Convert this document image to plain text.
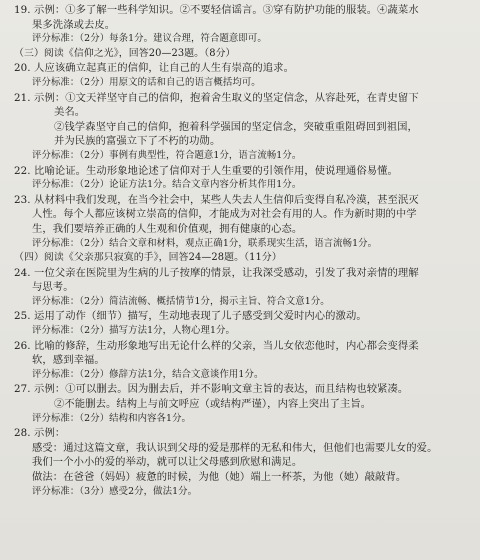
19. 示例：①多了解一些科学知识。②不要轻信谣言。③穿有防护功能的服装。④蔬菜水
果多洗涤或去皮。
评分标准：（2分）每条1分。建议合理，符合题意即可。
（三）阅读《信仰之光》，回答20—23题。（8分）
20. 人应该确立起真正的信仰，让自己的人生有崇高的追求。
评分标准：（2分）用原文的话和自己的语言概括均可。
21. 示例：①文天祥坚守自己的信仰，抱着舍生取义的坚定信念，从容赴死，在青史留下
美名。
②钱学森坚守自己的信仰，抱着科学强国的坚定信念，突破重重阻碍回到祖国，
并为民族的富强立下了不朽的功勋。
评分标准：（2分）事例有典型性，符合题意1分，语言流畅1分。
22. 比喻论证。生动形象地论述了信仰对于人生重要的引领作用，使说理通俗易懂。
评分标准：（2分）论证方法1分。结合文章内容分析其作用1分。
23. 从材料中我们发现，在当今社会中，某些人失去人生信仰后变得自私冷漠，甚至泯灭
人性。每个人都应该树立崇高的信仰，才能成为对社会有用的人。作为新时期的中学
生，我们要培养正确的人生观和价值观，拥有健康的心态。
评分标准：（2分）结合文章和材料，观点正确1分，联系现实生活，语言流畅1分。
（四）阅读《父亲那只寂寞的手》，回答24—28题。（11分）
24. 一位父亲在医院里为生病的儿子按摩的情景，让我深受感动，引发了我对亲情的理解
与思考。
评分标准：（2分）简洁流畅、概括情节1分，揭示主旨、符合文意1分。
25. 运用了动作（细节）描写，生动地表现了儿子感受到父爱时内心的激动。
评分标准：（2分）描写方法1分，人物心理1分。
26. 比喻的修辞，生动形象地写出无论什么样的父亲，当儿女依恋他时，内心都会变得柔
软，感到幸福。
评分标准：（2分）修辞方法1分，结合文意谈作用1分。
27. 示例：①可以删去。因为删去后，并不影响文章主旨的表达，而且结构也较紧凑。
②不能删去。结构上与前文呼应（或结构严谨），内容上突出了主旨。
评分标准：（2分）结构和内容各1分。
28. 示例：
感受：通过这篇文章，我认识到父母的爱是那样的无私和伟大，但他们也需要儿女的爱。
我们一个小小的爱的举动，就可以让父母感到欣慰和满足。
做法：在爸爸（妈妈）疲惫的时候，为他（她）端上一杯茶，为他（她）敲敲背。
评分标准：（3分）感受2分，做法1分。
